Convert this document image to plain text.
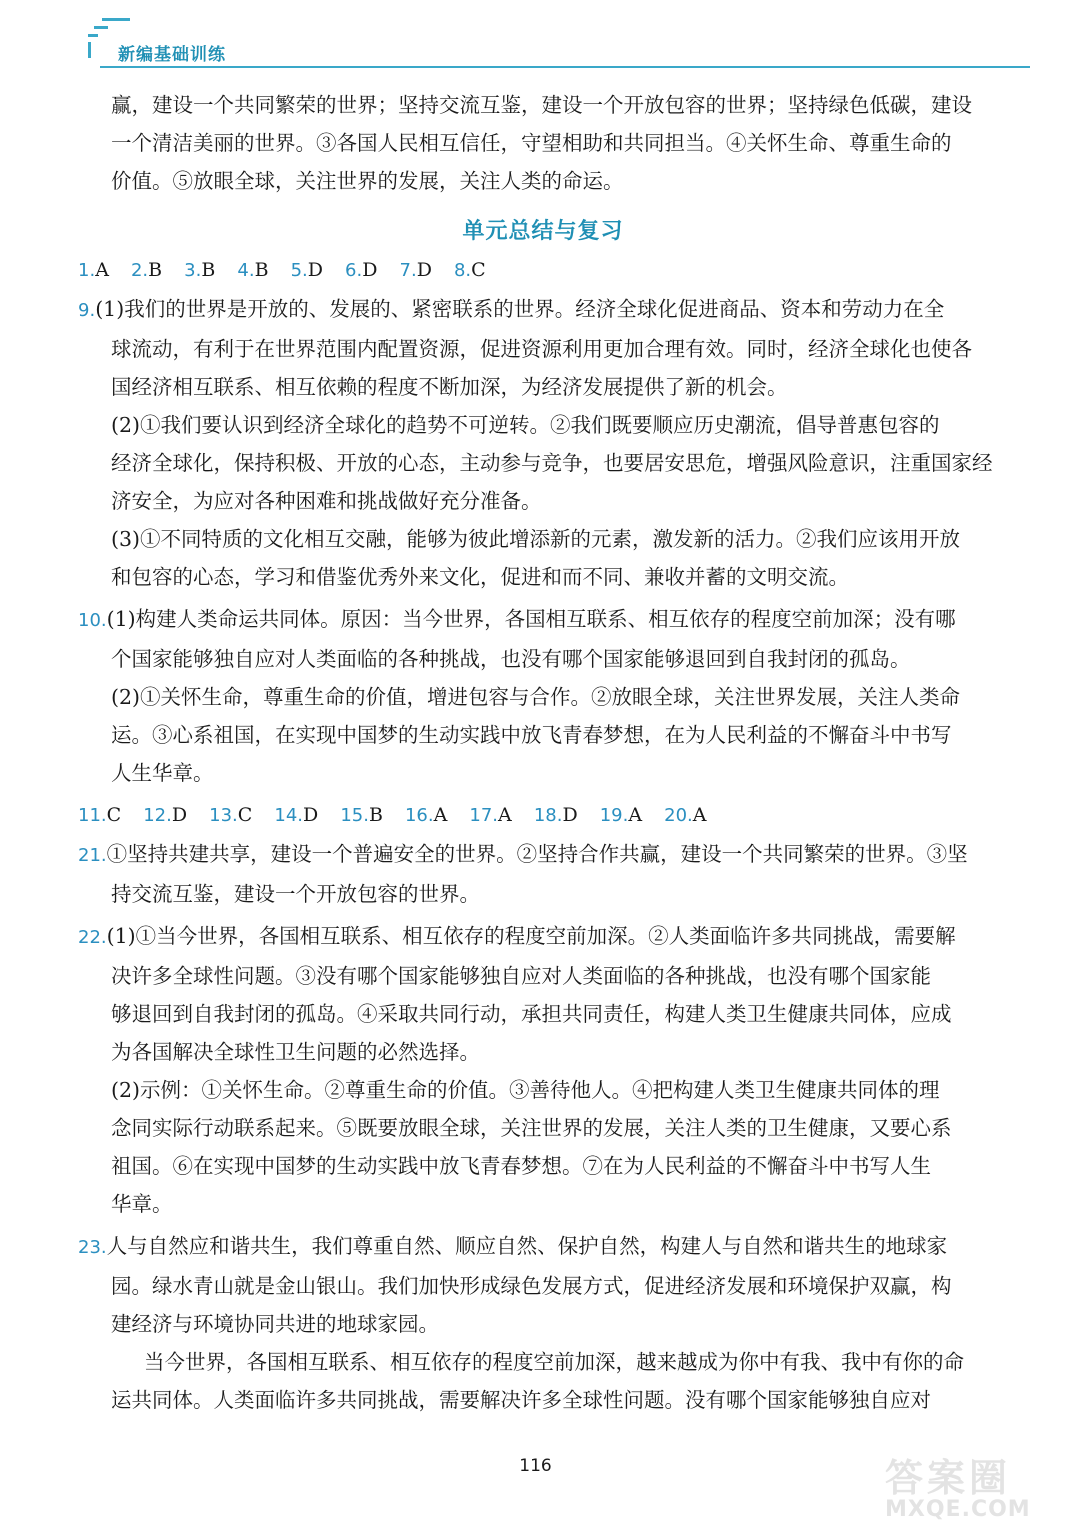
新编基础训练
赢，建设一个共同繁荣的世界；坚持交流互鉴，建设一个开放包容的世界；坚持绿色低碳，建设
一个清洁美丽的世界。③各国人民相互信任，守望相助和共同担当。④关怀生命、尊重生命的
价值。⑤放眼全球，关注世界的发展，关注人类的命运。
单元总结与复习
1.A 2.B 3.B 4.B 5.D 6.D 7.D 8.C
9.(1)我们的世界是开放的、发展的、紧密联系的世界。经济全球化促进商品、资本和劳动力在全
球流动，有利于在世界范围内配置资源，促进资源利用更加合理有效。同时，经济全球化也使各
国经济相互联系、相互依赖的程度不断加深，为经济发展提供了新的机会。
(2)①我们要认识到经济全球化的趋势不可逆转。②我们既要顺应历史潮流，倡导普惠包容的
经济全球化，保持积极、开放的心态，主动参与竞争，也要居安思危，增强风险意识，注重国家经
济安全，为应对各种困难和挑战做好充分准备。
(3)①不同特质的文化相互交融，能够为彼此增添新的元素，激发新的活力。②我们应该用开放
和包容的心态，学习和借鉴优秀外来文化，促进和而不同、兼收并蓄的文明交流。
10.(1)构建人类命运共同体。原因：当今世界，各国相互联系、相互依存的程度空前加深；没有哪
个国家能够独自应对人类面临的各种挑战，也没有哪个国家能够退回到自我封闭的孤岛。
(2)①关怀生命，尊重生命的价值，增进包容与合作。②放眼全球，关注世界发展，关注人类命
运。③心系祖国，在实现中国梦的生动实践中放飞青春梦想，在为人民利益的不懈奋斗中书写
人生华章。
11.C 12.D 13.C 14.D 15.B 16.A 17.A 18.D 19.A 20.A
21.①坚持共建共享，建设一个普遍安全的世界。②坚持合作共赢，建设一个共同繁荣的世界。③坚
持交流互鉴，建设一个开放包容的世界。
22.(1)①当今世界，各国相互联系、相互依存的程度空前加深。②人类面临许多共同挑战，需要解
决许多全球性问题。③没有哪个国家能够独自应对人类面临的各种挑战，也没有哪个国家能
够退回到自我封闭的孤岛。④采取共同行动，承担共同责任，构建人类卫生健康共同体，应成
为各国解决全球性卫生问题的必然选择。
(2)示例：①关怀生命。②尊重生命的价值。③善待他人。④把构建人类卫生健康共同体的理
念同实际行动联系起来。⑤既要放眼全球，关注世界的发展，关注人类的卫生健康，又要心系
祖国。⑥在实现中国梦的生动实践中放飞青春梦想。⑦在为人民利益的不懈奋斗中书写人生
华章。
23.人与自然应和谐共生，我们尊重自然、顺应自然、保护自然，构建人与自然和谐共生的地球家
园。绿水青山就是金山银山。我们加快形成绿色发展方式，促进经济发展和环境保护双赢，构
建经济与环境协同共进的地球家园。
当今世界，各国相互联系、相互依存的程度空前加深，越来越成为你中有我、我中有你的命
运共同体。人类面临许多共同挑战，需要解决许多全球性问题。没有哪个国家能够独自应对
116	答案圈
MXQE.COM
